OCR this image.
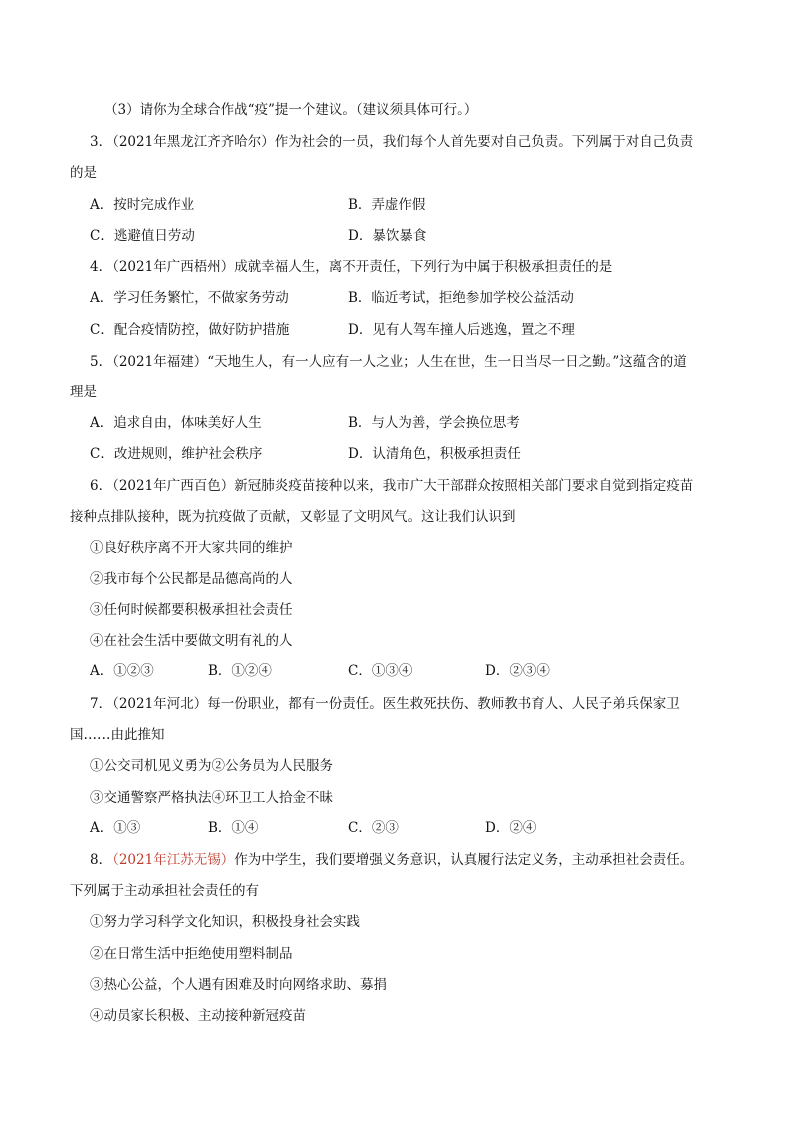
（3）请你为全球合作战“疫”提一个建议。（建议须具体可行。）
3．（2021年黑龙江齐齐哈尔）作为社会的一员，我们每个人首先要对自己负责。下列属于对自己负责
的是
A．按时完成作业	B．弄虚作假
C．逃避值日劳动	D．暴饮暴食
4．（2021年广西梧州）成就幸福人生，离不开责任，下列行为中属于积极承担责任的是
A．学习任务繁忙，不做家务劳动	B．临近考试，拒绝参加学校公益活动
C．配合疫情防控，做好防护措施	D．见有人驾车撞人后逃逸，置之不理
5．（2021年福建）“天地生人，有一人应有一人之业；人生在世，生一日当尽一日之勤。”这蕴含的道
理是
A．追求自由，体味美好人生	B．与人为善，学会换位思考
C．改进规则，维护社会秩序	D．认清角色，积极承担责任
6．（2021年广西百色）新冠肺炎疫苗接种以来，我市广大干部群众按照相关部门要求自觉到指定疫苗
接种点排队接种，既为抗疫做了贡献，又彰显了文明风气。这让我们认识到
①良好秩序离不开大家共同的维护
②我市每个公民都是品德高尚的人
③任何时候都要积极承担社会责任
④在社会生活中要做文明有礼的人
A．①②③	B．①②④	C．①③④	D．②③④
7．（2021年河北）每一份职业，都有一份责任。医生救死扶伤、教师教书育人、人民子弟兵保家卫
国……由此推知
①公交司机见义勇为②公务员为人民服务
③交通警察严格执法④环卫工人拾金不昧
A．①③	B．①④	C．②③	D．②④
8．（2021年江苏无锡）作为中学生，我们要增强义务意识，认真履行法定义务，主动承担社会责任。
下列属于主动承担社会责任的有
①努力学习科学文化知识，积极投身社会实践
②在日常生活中拒绝使用塑料制品
③热心公益，个人遇有困难及时向网络求助、募捐
④动员家长积极、主动接种新冠疫苗
